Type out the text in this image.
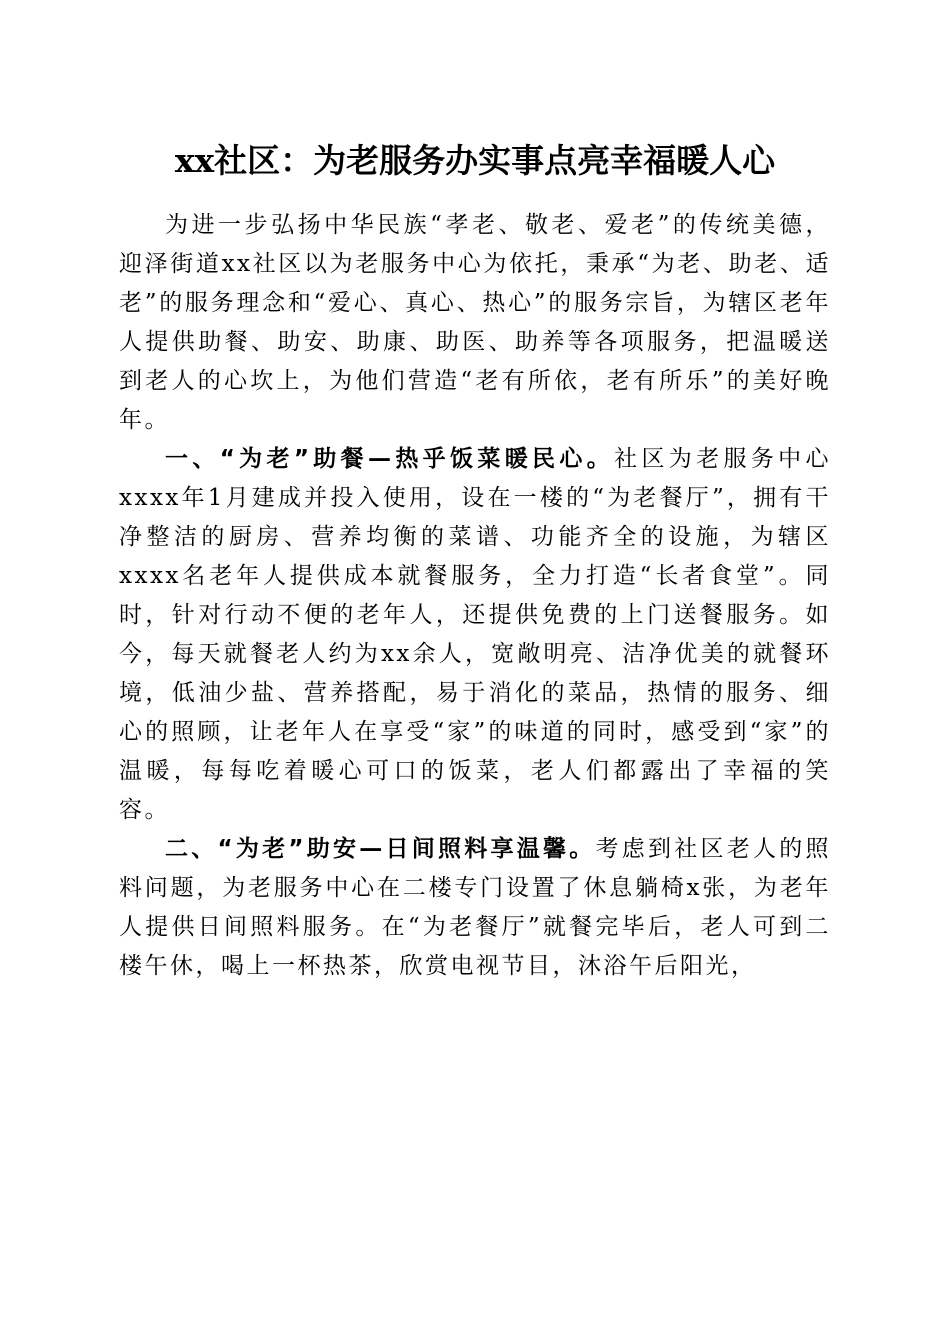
xx社区：为老服务办实事点亮幸福暖人心

为进一步弘扬中华民族“孝老、敬老、爱老”的传统美德，迎泽街道xx社区以为老服务中心为依托，秉承“为老、助老、适老”的服务理念和“爱心、真心、热心”的服务宗旨，为辖区老年人提供助餐、助安、助康、助医、助养等各项服务，把温暖送到老人的心坎上，为他们营造“老有所依，老有所乐”的美好晚年。

一、“为老”助餐—热乎饭菜暖民心。社区为老服务中心xxxx年1月建成并投入使用，设在一楼的“为老餐厅”，拥有干净整洁的厨房、营养均衡的菜谱、功能齐全的设施，为辖区xxxx名老年人提供成本就餐服务，全力打造“长者食堂”。同时，针对行动不便的老年人，还提供免费的上门送餐服务。如今，每天就餐老人约为xx余人，宽敞明亮、洁净优美的就餐环境，低油少盐、营养搭配，易于消化的菜品，热情的服务、细心的照顾，让老年人在享受“家”的味道的同时，感受到“家”的温暖，每每吃着暖心可口的饭菜，老人们都露出了幸福的笑容。

二、“为老”助安—日间照料享温馨。考虑到社区老人的照料问题，为老服务中心在二楼专门设置了休息躺椅x张，为老年人提供日间照料服务。在“为老餐厅”就餐完毕后，老人可到二楼午休，喝上一杯热茶，欣赏电视节目，沐浴午后阳光，
